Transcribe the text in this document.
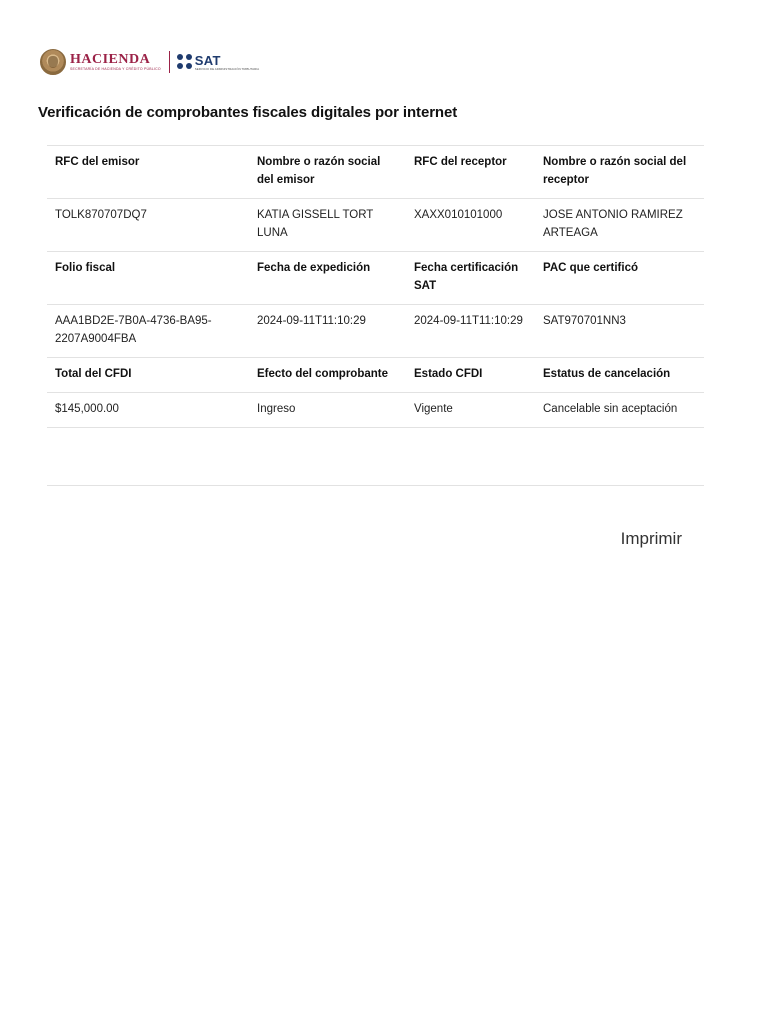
HACIENDA
SECRETARÍA DE HACIENDA Y CRÉDITO PÚBLICO
SAT
SERVICIO DE ADMINISTRACIÓN TRIBUTARIA
Verificación de comprobantes fiscales digitales por internet
RFC del emisor	Nombre o razón social del emisor	RFC del receptor	Nombre o razón social del receptor
TOLK870707DQ7	KATIA GISSELL TORT LUNA	XAXX010101000	JOSE ANTONIO RAMIREZ ARTEAGA
Folio fiscal	Fecha de expedición	Fecha certificación SAT	PAC que certificó
AAA1BD2E-7B0A-4736-BA95-2207A9004FBA	2024-09-11T11:10:29	2024-09-11T11:10:29	SAT970701NN3
Total del CFDI	Efecto del comprobante	Estado CFDI	Estatus de cancelación
$145,000.00	Ingreso	Vigente	Cancelable sin aceptación
Imprimir
